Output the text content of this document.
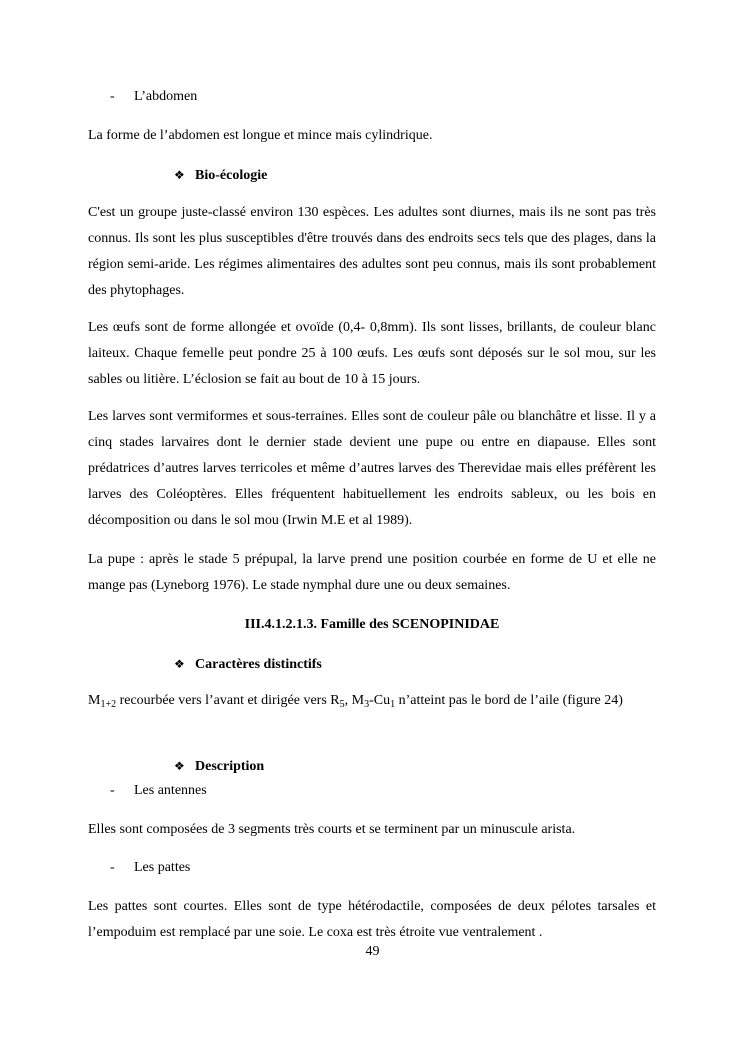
- L’abdomen

La forme de l’abdomen est longue et mince mais cylindrique.

❖ Bio-écologie

C'est un groupe juste-classé environ 130 espèces. Les adultes sont diurnes, mais ils ne sont pas très connus. Ils sont les plus susceptibles d'être trouvés dans des endroits secs tels que des plages, dans la région semi-aride. Les régimes alimentaires des adultes sont peu connus, mais ils sont probablement des phytophages.

Les œufs sont de forme allongée et ovoïde (0,4- 0,8mm). Ils sont lisses, brillants, de couleur blanc laiteux. Chaque femelle peut pondre 25 à 100 œufs. Les œufs sont déposés sur le sol mou, sur les sables ou litière. L’éclosion se fait au bout de 10 à 15 jours.

Les larves sont vermiformes et sous-terraines. Elles sont de couleur pâle ou blanchâtre et lisse. Il y a cinq stades larvaires dont le dernier stade devient une pupe ou entre en diapause. Elles sont prédatrices d’autres larves terricoles et même d’autres larves des Therevidae mais elles préfèrent les larves des Coléoptères. Elles fréquentent habituellement les endroits sableux, ou les bois en décomposition ou dans le sol mou (Irwin M.E et al 1989).

La pupe : après le stade 5 prépupal, la larve prend une position courbée en forme de U et elle ne mange pas (Lyneborg 1976). Le stade nymphal dure une ou deux semaines.

III.4.1.2.1.3. Famille des SCENOPINIDAE
❖ Caractères distinctifs

$M_{1+2}$ recourbée vers l’avant et dirigée vers $R_5$, $M_3-Cu_1$ n’atteint pas le bord de l’aile (figure 24)

❖ Description
- Les antennes

Elles sont composées de 3 segments très courts et se terminent par un minuscule arista.

- Les pattes

Les pattes sont courtes. Elles sont de type hétérodactile, composées de deux pélotes tarsales et l’empoduim est remplacé par une soie. Le coxa est très étroite vue ventralement .

49
